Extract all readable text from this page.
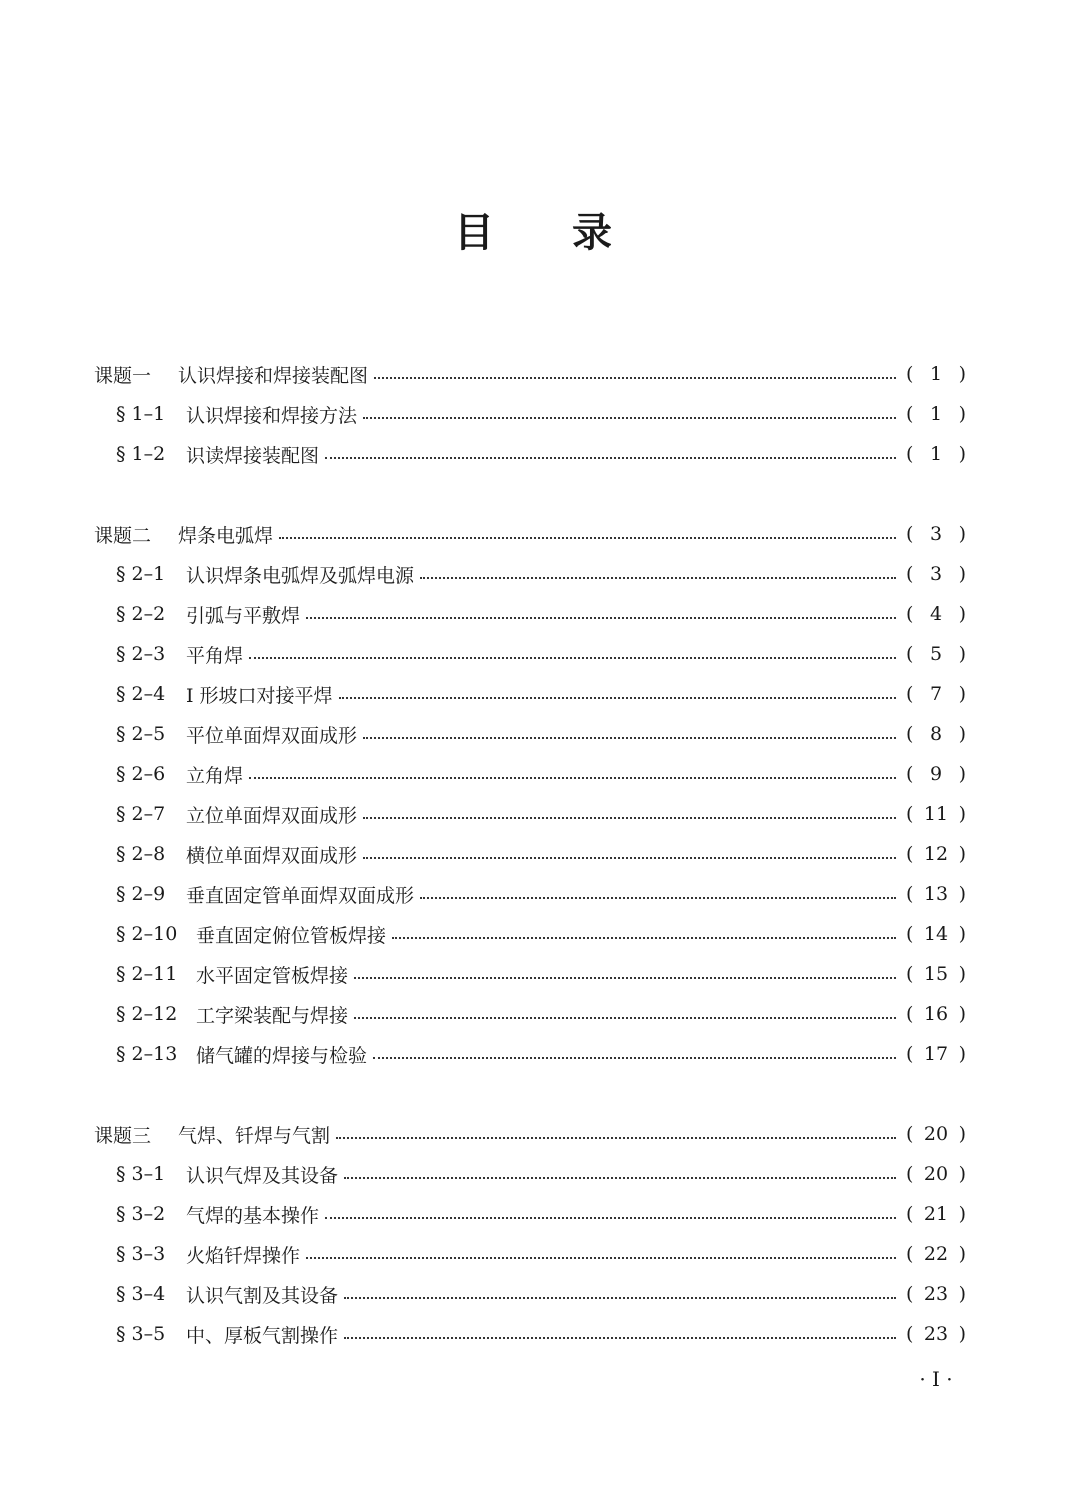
目录
课题一	认识焊接和焊接装配图	( 1 )
§ 1–1	认识焊接和焊接方法	( 1 )
§ 1–2	识读焊接装配图	( 1 )
课题二	焊条电弧焊	( 3 )
§ 2–1	认识焊条电弧焊及弧焊电源	( 3 )
§ 2–2	引弧与平敷焊	( 4 )
§ 2–3	平角焊	( 5 )
§ 2–4	I 形坡口对接平焊	( 7 )
§ 2–5	平位单面焊双面成形	( 8 )
§ 2–6	立角焊	( 9 )
§ 2–7	立位单面焊双面成形	( 11 )
§ 2–8	横位单面焊双面成形	( 12 )
§ 2–9	垂直固定管单面焊双面成形	( 13 )
§ 2–10 垂直固定俯位管板焊接	( 14 )
§ 2–11 水平固定管板焊接	( 15 )
§ 2–12 工字梁装配与焊接	( 16 )
§ 2–13 储气罐的焊接与检验	( 17 )
课题三	气焊、钎焊与气割	( 20 )
§ 3–1	认识气焊及其设备	( 20 )
§ 3–2	气焊的基本操作	( 21 )
§ 3–3	火焰钎焊操作	( 22 )
§ 3–4	认识气割及其设备	( 23 )
§ 3–5	中、厚板气割操作	( 23 )
· I ·
